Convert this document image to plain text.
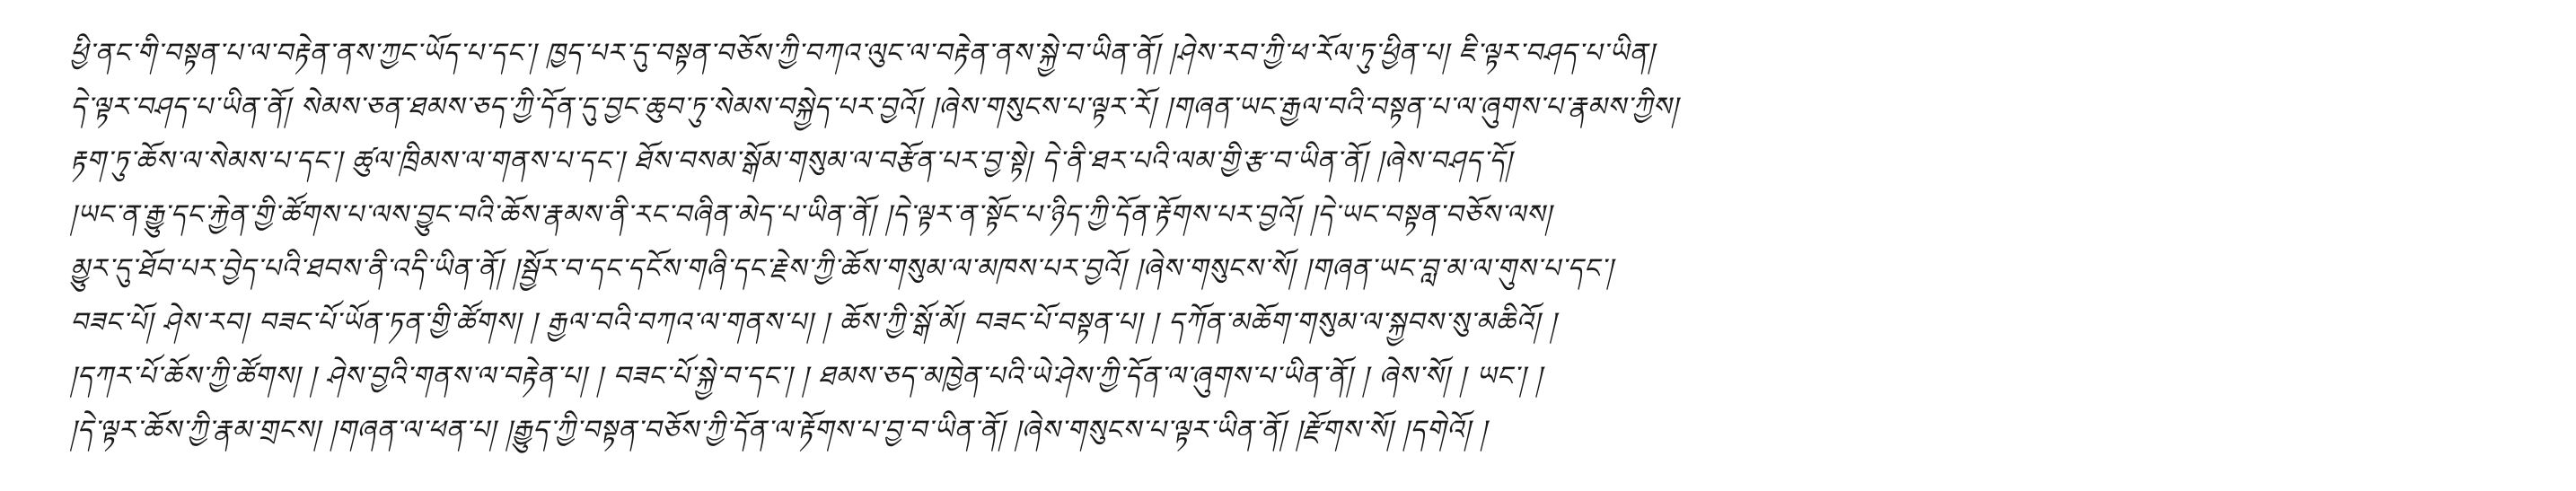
ཕྱི་ནང་གི་བསྟན་པ་ལ་བརྟེན་ནས་ཀྱང་ཡོད་པ་དང་། ཁྱད་པར་དུ་བསྟན་བཅོས་ཀྱི་བཀའ་ལུང་ལ་བརྟེན་ནས་སྐྱེ་བ་ཡིན་ནོ། །ཤེས་རབ་ཀྱི་ཕ་རོལ་ཏུ་ཕྱིན་པ། ཇི་ལྟར་བཤད་པ་ཡིན།
དེ་ལྟར་བཤད་པ་ཡིན་ནོ། སེམས་ཅན་ཐམས་ཅད་ཀྱི་དོན་དུ་བྱང་ཆུབ་ཏུ་སེམས་བསྐྱེད་པར་བྱའོ། །ཞེས་གསུངས་པ་ལྟར་རོ། །གཞན་ཡང་རྒྱལ་བའི་བསྟན་པ་ལ་ཞུགས་པ་རྣམས་ཀྱིས།
རྟག་ཏུ་ཆོས་ལ་སེམས་པ་དང་། ཚུལ་ཁྲིམས་ལ་གནས་པ་དང་། ཐོས་བསམ་སྒོམ་གསུམ་ལ་བརྩོན་པར་བྱ་སྟེ། དེ་ནི་ཐར་པའི་ལམ་གྱི་རྩ་བ་ཡིན་ནོ། །ཞེས་བཤད་དོ།
།ཡང་ན་རྒྱུ་དང་རྐྱེན་གྱི་ཚོགས་པ་ལས་བྱུང་བའི་ཆོས་རྣམས་ནི་རང་བཞིན་མེད་པ་ཡིན་ནོ། །དེ་ལྟར་ན་སྟོང་པ་ཉིད་ཀྱི་དོན་རྟོགས་པར་བྱའོ། །དེ་ཡང་བསྟན་བཅོས་ལས།
མྱུར་དུ་ཐོབ་པར་བྱེད་པའི་ཐབས་ནི་འདི་ཡིན་ནོ། །སྦྱོར་བ་དང་དངོས་གཞི་དང་རྗེས་ཀྱི་ཆོས་གསུམ་ལ་མཁས་པར་བྱའོ། །ཞེས་གསུངས་སོ། །གཞན་ཡང་བླ་མ་ལ་གུས་པ་དང་།
བཟང་པོ། ཤེས་རབ། བཟང་པོ་ཡོན་ཏན་གྱི་ཚོགས། ། རྒྱལ་བའི་བཀའ་ལ་གནས་པ། ། ཆོས་ཀྱི་སྒོ་མོ། བཟང་པོ་བསྟན་པ། ། དཀོན་མཆོག་གསུམ་ལ་སྐྱབས་སུ་མཆིའོ། །
།དཀར་པོ་ཆོས་ཀྱི་ཚོགས། ། ཤེས་བྱའི་གནས་ལ་བརྟེན་པ། ། བཟང་པོ་སྐྱེ་བ་དང་། ། ཐམས་ཅད་མཁྱེན་པའི་ཡེ་ཤེས་ཀྱི་དོན་ལ་ཞུགས་པ་ཡིན་ནོ། ། ཞེས་སོ། ། ཡང་། །
།དེ་ལྟར་ཆོས་ཀྱི་རྣམ་གྲངས། །གཞན་ལ་ཕན་པ། །རྒྱུད་ཀྱི་བསྟན་བཅོས་ཀྱི་དོན་ལ་རྟོགས་པ་བྱ་བ་ཡིན་ནོ། །ཞེས་གསུངས་པ་ལྟར་ཡིན་ནོ། །རྫོགས་སོ། །དགེའོ། །
